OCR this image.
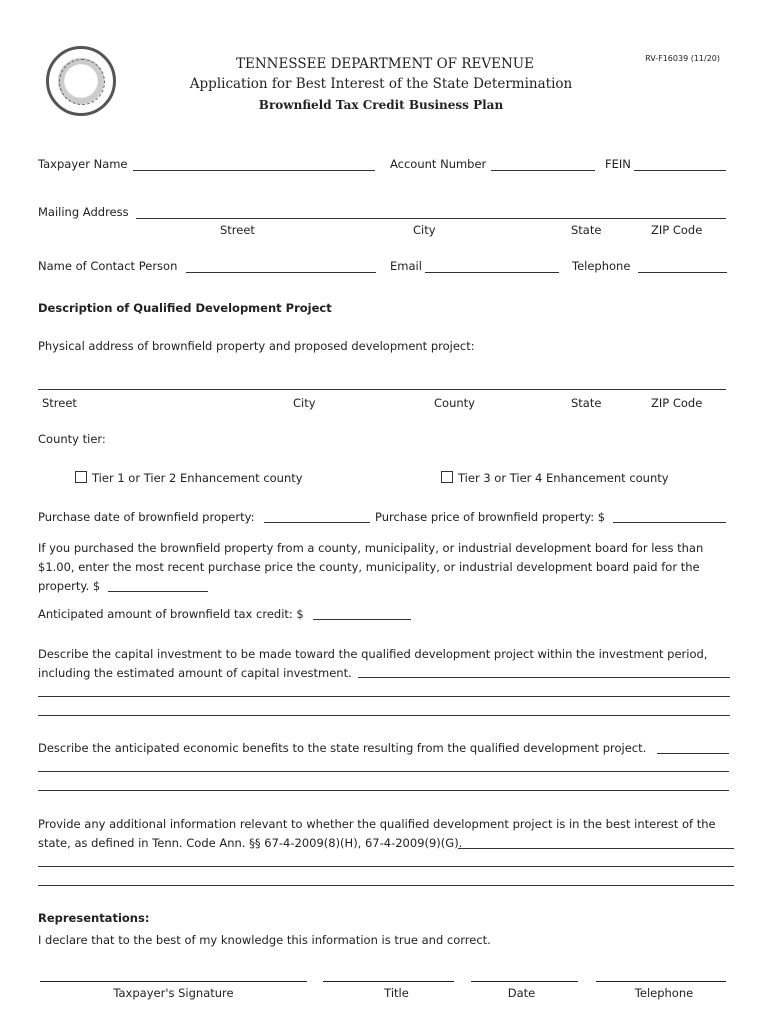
RV-F16039 (11/20)
TENNESSEE DEPARTMENT OF REVENUE
Application for Best Interest of the State Determination
Brownfield Tax Credit Business Plan
Taxpayer Name	Account Number	FEIN
Mailing Address
Street	City	State	ZIP Code
Name of Contact Person	Email	Telephone
Description of Qualified Development Project
Physical address of brownfield property and proposed development project:
Street	City	County	State	ZIP Code
County tier:
Tier 1 or Tier 2 Enhancement county	Tier 3 or Tier 4 Enhancement county
Purchase date of brownfield property:	Purchase price of brownfield property: $
If you purchased the brownfield property from a county, municipality, or industrial development board for less than $1.00, enter the most recent purchase price the county, municipality, or industrial development board paid for the property. $
Anticipated amount of brownfield tax credit: $
Describe the capital investment to be made toward the qualified development project within the investment period, including the estimated amount of capital investment.
Describe the anticipated economic benefits to the state resulting from the qualified development project.
Provide any additional information relevant to whether the qualified development project is in the best interest of the state, as defined in Tenn. Code Ann. §§ 67-4-2009(8)(H), 67-4-2009(9)(G).
Representations:
I declare that to the best of my knowledge this information is true and correct.
Taxpayer's Signature	Title	Date	Telephone
